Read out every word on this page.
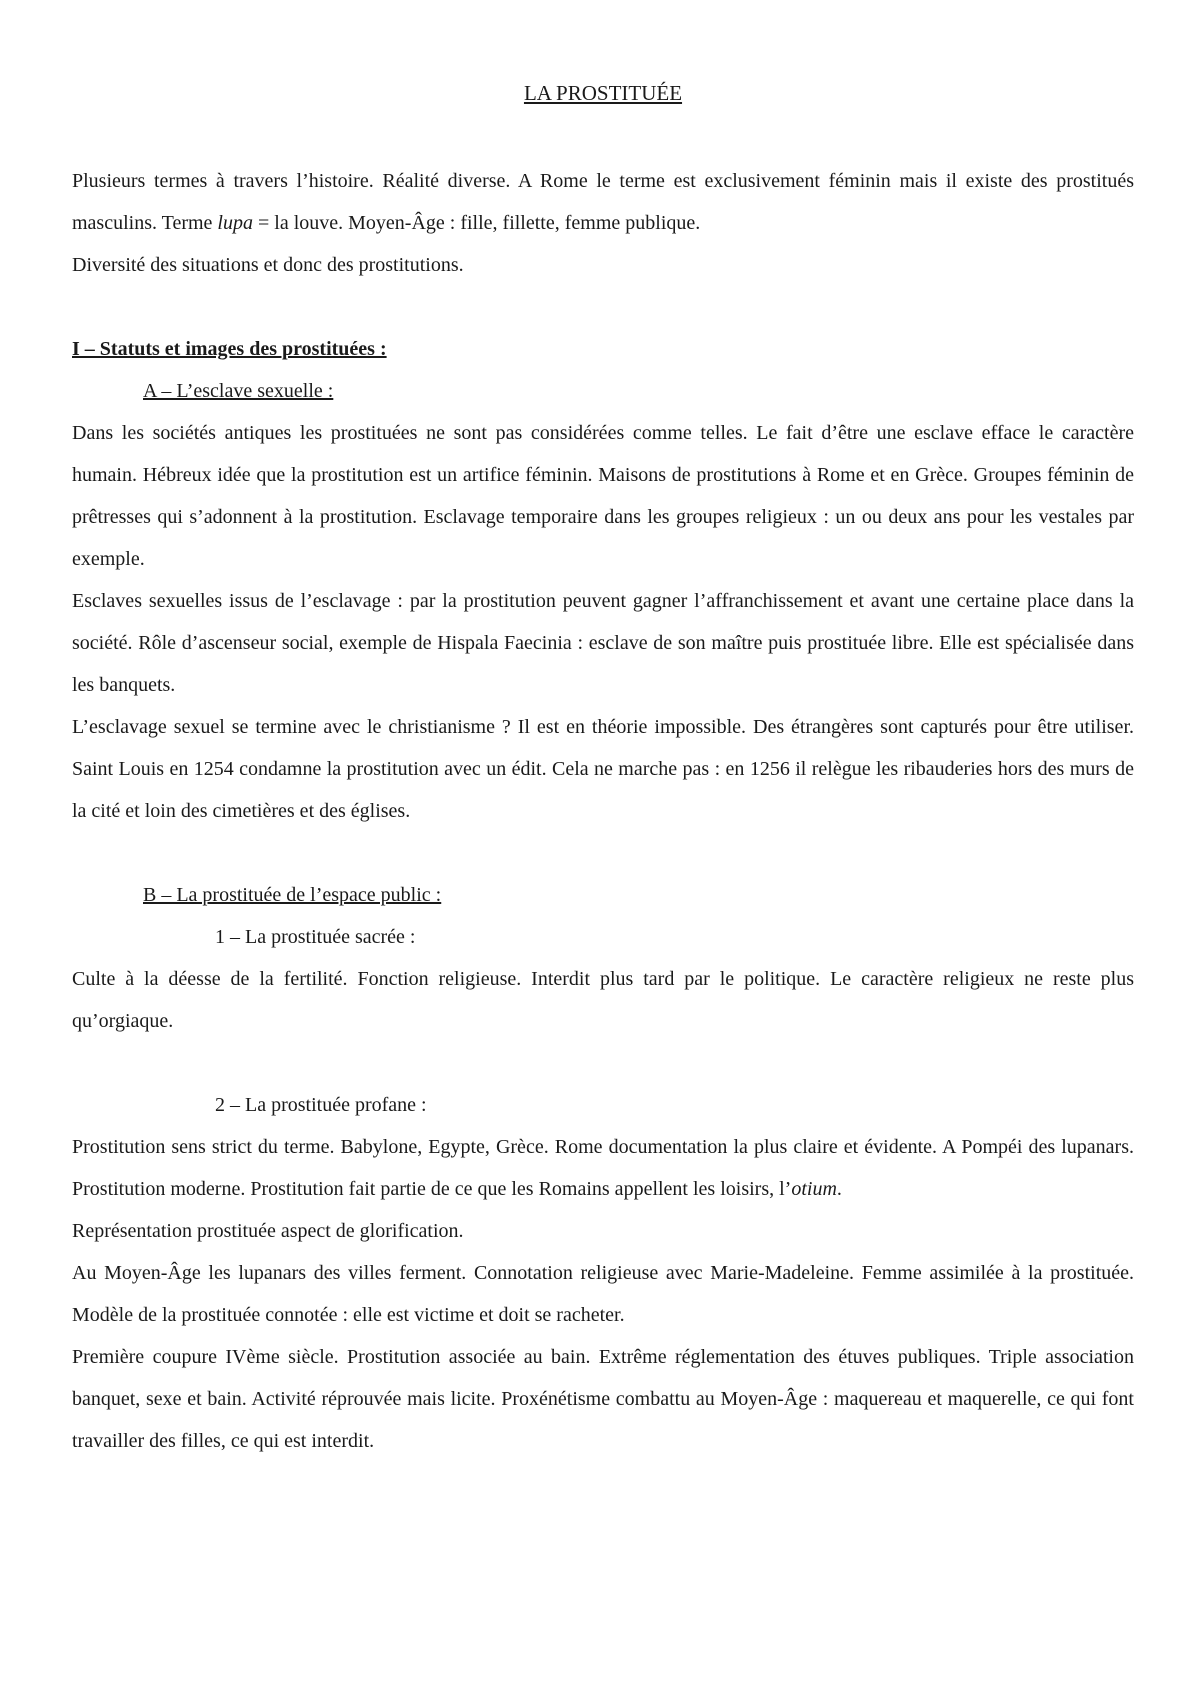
LA PROSTITUÉE

Plusieurs termes à travers l’histoire. Réalité diverse. A Rome le terme est exclusivement féminin mais il existe des prostitués masculins. Terme lupa = la louve. Moyen-Âge : fille, fillette, femme publique.

Diversité des situations et donc des prostitutions.

I – Statuts et images des prostituées :
A – L’esclave sexuelle :

Dans les sociétés antiques les prostituées ne sont pas considérées comme telles. Le fait d’être une esclave efface le caractère humain. Hébreux idée que la prostitution est un artifice féminin. Maisons de prostitutions à Rome et en Grèce. Groupes féminin de prêtresses qui s’adonnent à la prostitution. Esclavage temporaire dans les groupes religieux : un ou deux ans pour les vestales par exemple.

Esclaves sexuelles issus de l’esclavage : par la prostitution peuvent gagner l’affranchissement et avant une certaine place dans la société. Rôle d’ascenseur social, exemple de Hispala Faecinia : esclave de son maître puis prostituée libre. Elle est spécialisée dans les banquets.

L’esclavage sexuel se termine avec le christianisme ? Il est en théorie impossible. Des étrangères sont capturés pour être utiliser. Saint Louis en 1254 condamne la prostitution avec un édit. Cela ne marche pas : en 1256 il relègue les ribauderies hors des murs de la cité et loin des cimetières et des églises.

B – La prostituée de l’espace public :
1 – La prostituée sacrée :

Culte à la déesse de la fertilité. Fonction religieuse. Interdit plus tard par le politique. Le caractère religieux ne reste plus qu’orgiaque.

2 – La prostituée profane :

Prostitution sens strict du terme. Babylone, Egypte, Grèce. Rome documentation la plus claire et évidente. A Pompéi des lupanars. Prostitution moderne. Prostitution fait partie de ce que les Romains appellent les loisirs, l’otium.

Représentation prostituée aspect de glorification.

Au Moyen-Âge les lupanars des villes ferment. Connotation religieuse avec Marie-Madeleine. Femme assimilée à la prostituée. Modèle de la prostituée connotée : elle est victime et doit se racheter.

Première coupure IVème siècle. Prostitution associée au bain. Extrême réglementation des étuves publiques. Triple association banquet, sexe et bain. Activité réprouvée mais licite. Proxénétisme combattu au Moyen-Âge : maquereau et maquerelle, ce qui font travailler des filles, ce qui est interdit.
